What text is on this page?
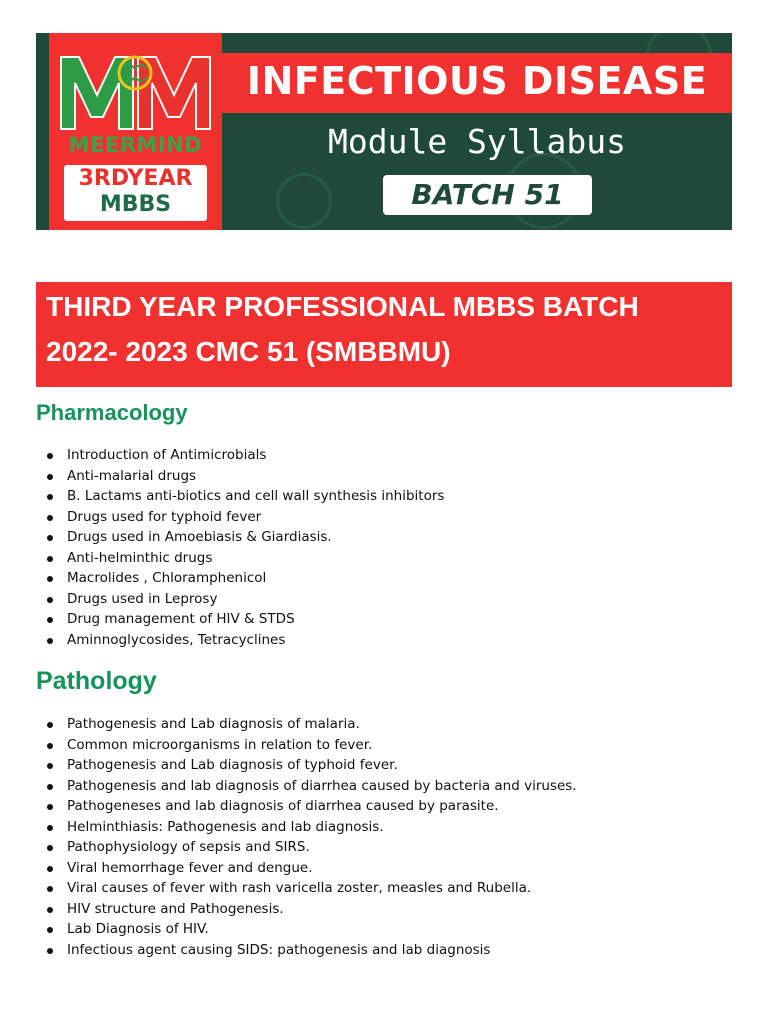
MEERMIND
3RDYEAR
MBBS
INFECTIOUS DISEASE
Module Syllabus
BATCH 51
THIRD YEAR PROFESSIONAL MBBS BATCH
2022- 2023 CMC 51 (SMBBMU)
Pharmacology
Introduction of Antimicrobials
Anti-malarial drugs
B. Lactams anti-biotics and cell wall synthesis inhibitors
Drugs used for typhoid fever
Drugs used in Amoebiasis & Giardiasis.
Anti-helminthic drugs
Macrolides , Chloramphenicol
Drugs used in Leprosy
Drug management of HIV & STDS
Aminnoglycosides, Tetracyclines
Pathology
Pathogenesis and Lab diagnosis of malaria.
Common microorganisms in relation to fever.
Pathogenesis and Lab diagnosis of typhoid fever.
Pathogenesis and lab diagnosis of diarrhea caused by bacteria and viruses.
Pathogeneses and lab diagnosis of diarrhea caused by parasite.
Helminthiasis: Pathogenesis and lab diagnosis.
Pathophysiology of sepsis and SIRS.
Viral hemorrhage fever and dengue.
Viral causes of fever with rash varicella zoster, measles and Rubella.
HIV structure and Pathogenesis.
Lab Diagnosis of HIV.
Infectious agent causing SIDS: pathogenesis and lab diagnosis
